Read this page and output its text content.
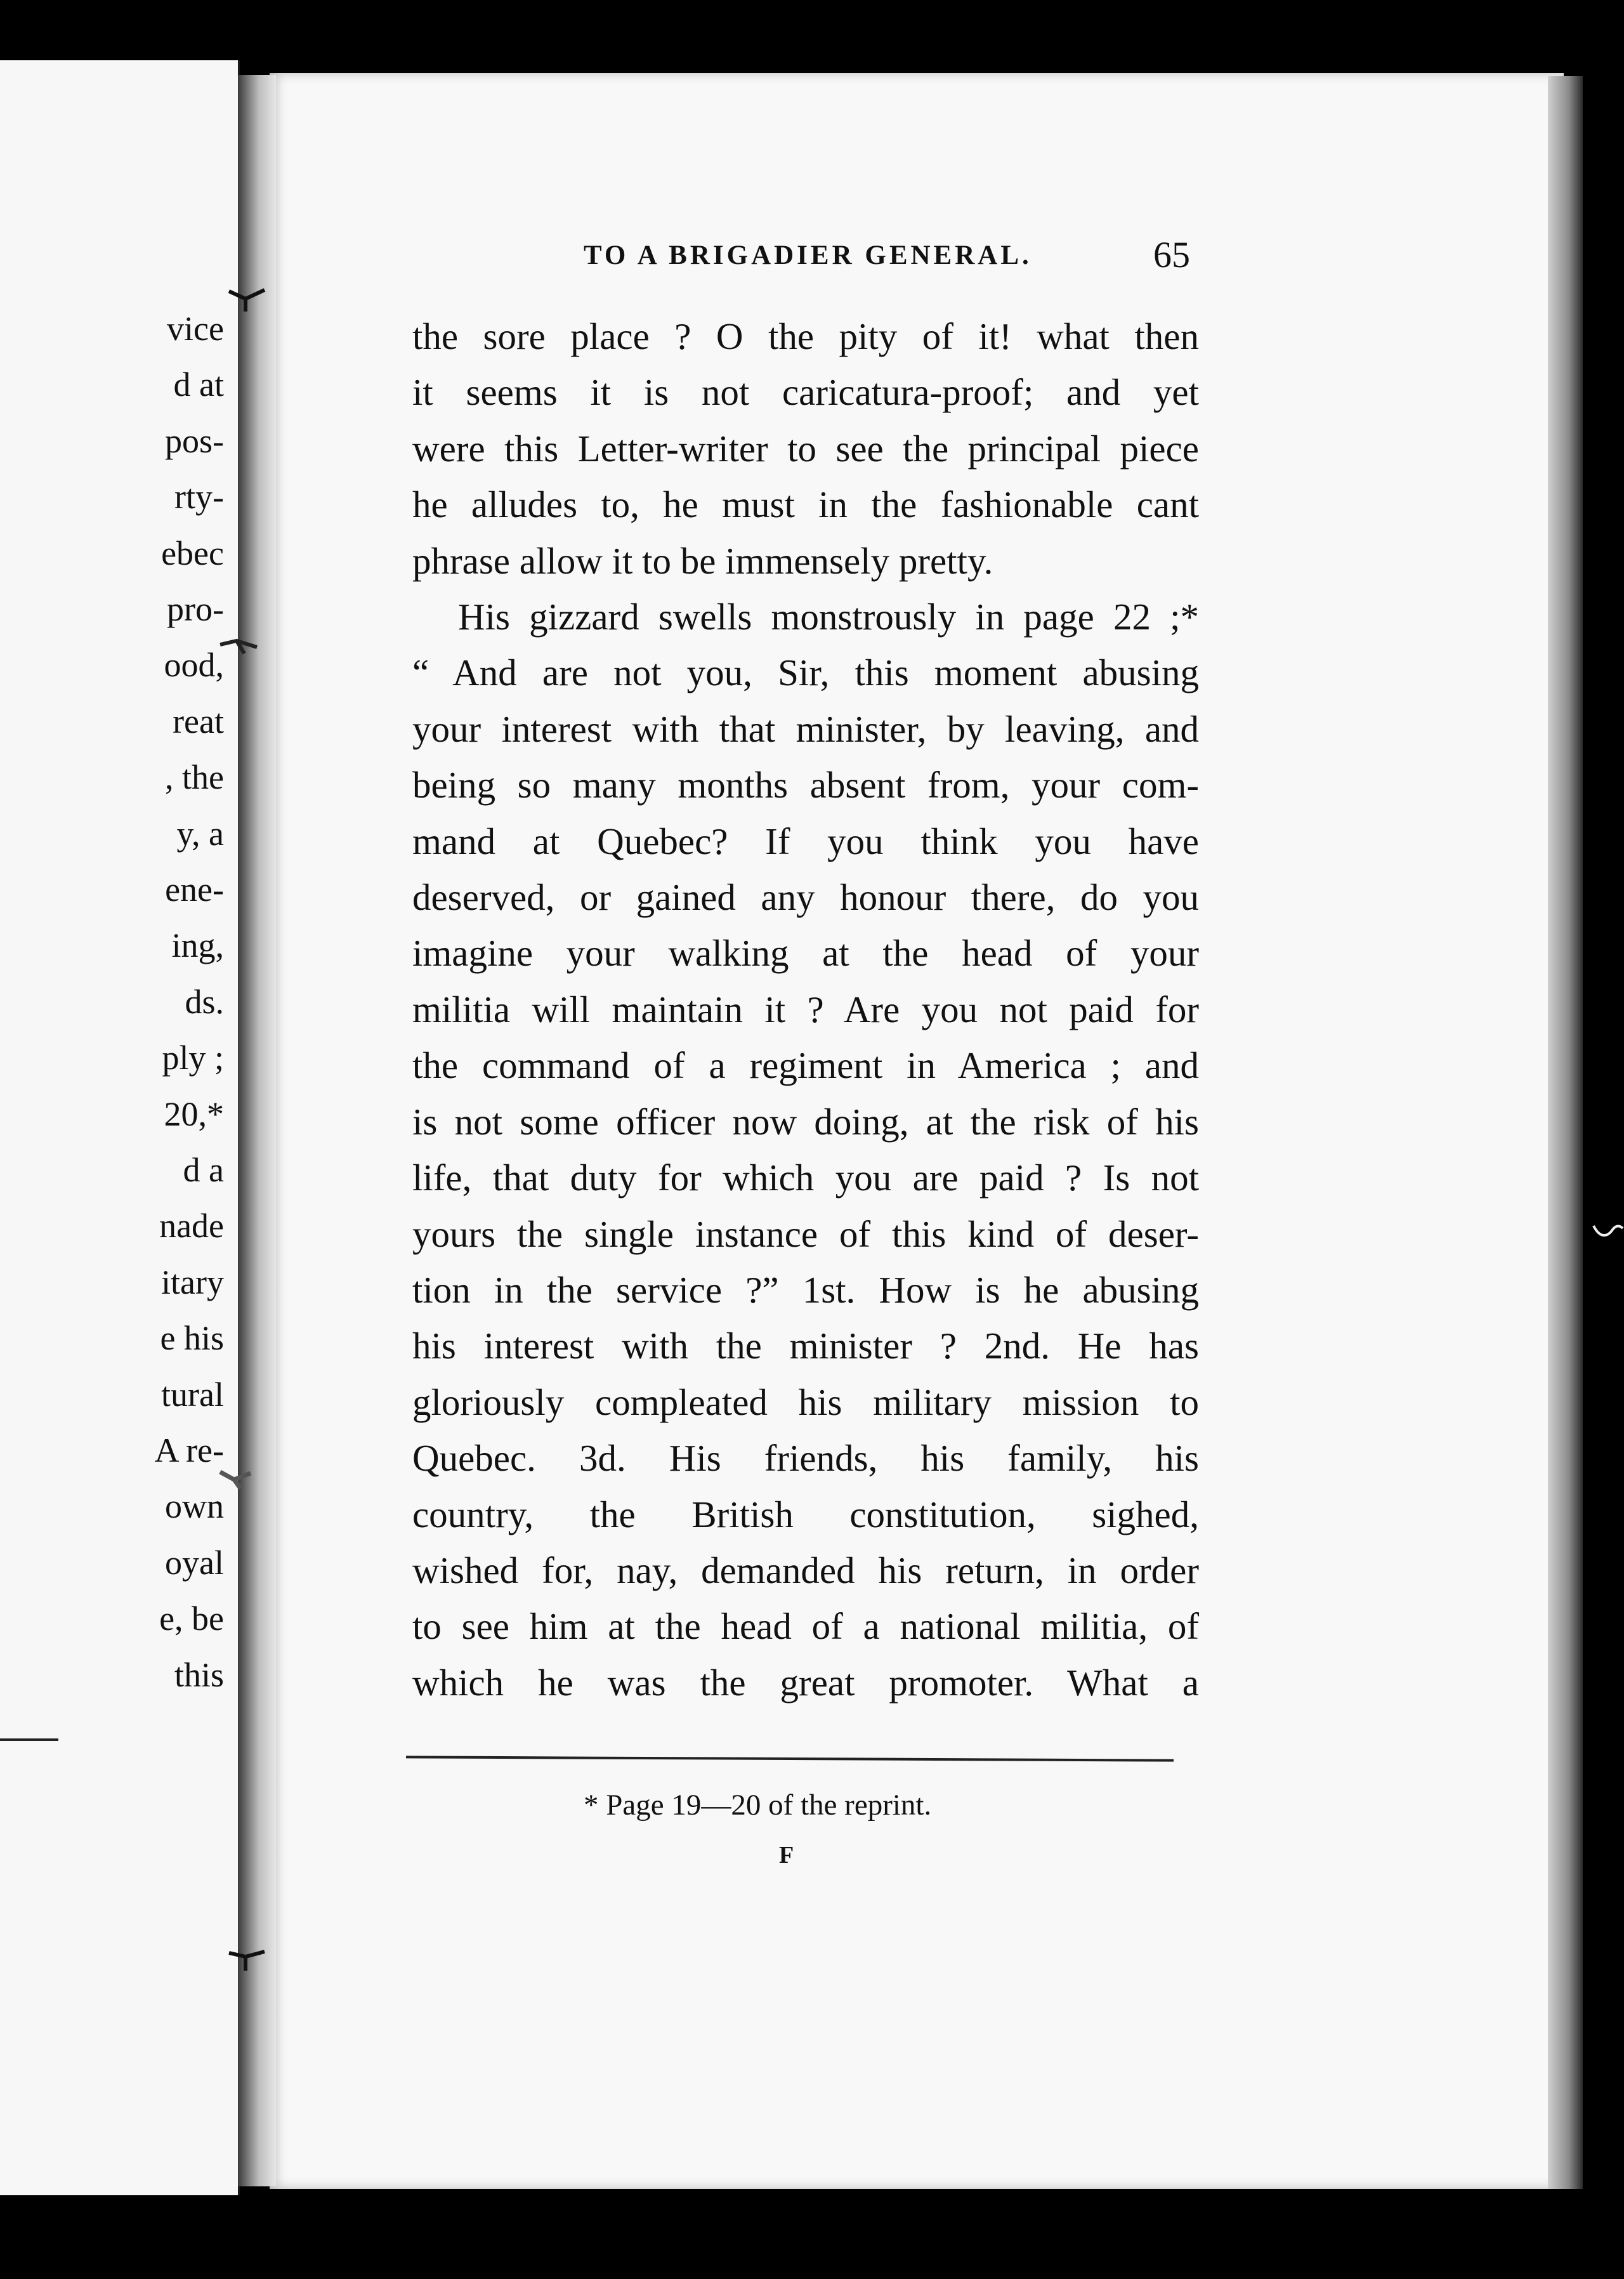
vice
d at
pos-
rty-
ebec
pro-
ood,
reat
, the
y, a
ene-
ing,
ds.
ply ;
20,*
d a
nade
itary
e his
tural
A re-
own
oyal
e, be
this
TO A BRIGADIER GENERAL.	65
the sore place ? O the pity of it! what then
it seems it is not caricatura-proof; and yet
were this Letter-writer to see the principal piece
he alludes to, he must in the fashionable cant
phrase allow it to be immensely pretty.
His gizzard swells monstrously in page 22 ;*
“ And are not you, Sir, this moment abusing
your interest with that minister, by leaving, and
being so many months absent from, your com-
mand at Quebec? If you think you have
deserved, or gained any honour there, do you
imagine your walking at the head of your
militia will maintain it ? Are you not paid for
the command of a regiment in America ; and
is not some officer now doing, at the risk of his
life, that duty for which you are paid ? Is not
yours the single instance of this kind of deser-
tion in the service ?” 1st. How is he abusing
his interest with the minister ? 2nd. He has
gloriously compleated his military mission to
Quebec. 3d. His friends, his family, his
country, the British constitution, sighed,
wished for, nay, demanded his return, in order
to see him at the head of a national militia, of
which he was the great promoter. What a
* Page 19—20 of the reprint.
F
